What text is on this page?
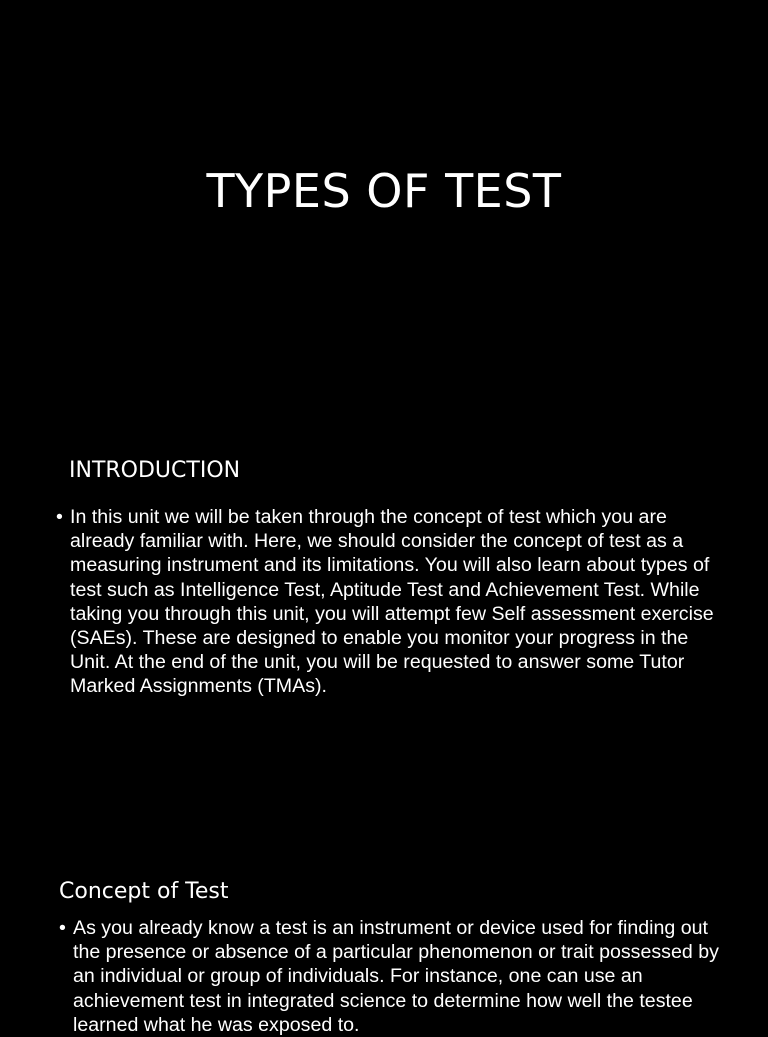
TYPES OF TEST
INTRODUCTION
• In this unit we will be taken through the concept of test which you are already familiar with. Here, we should consider the concept of test as a measuring instrument and its limitations. You will also learn about types of test such as Intelligence Test, Aptitude Test and Achievement Test. While taking you through this unit, you will attempt few Self assessment exercise (SAEs). These are designed to enable you monitor your progress in the Unit. At the end of the unit, you will be requested to answer some Tutor Marked Assignments (TMAs).
Concept of Test
• As you already know a test is an instrument or device used for finding out the presence or absence of a particular phenomenon or trait possessed by an individual or group of individuals. For instance, one can use an achievement test in integrated science to determine how well the testee learned what he was exposed to.
